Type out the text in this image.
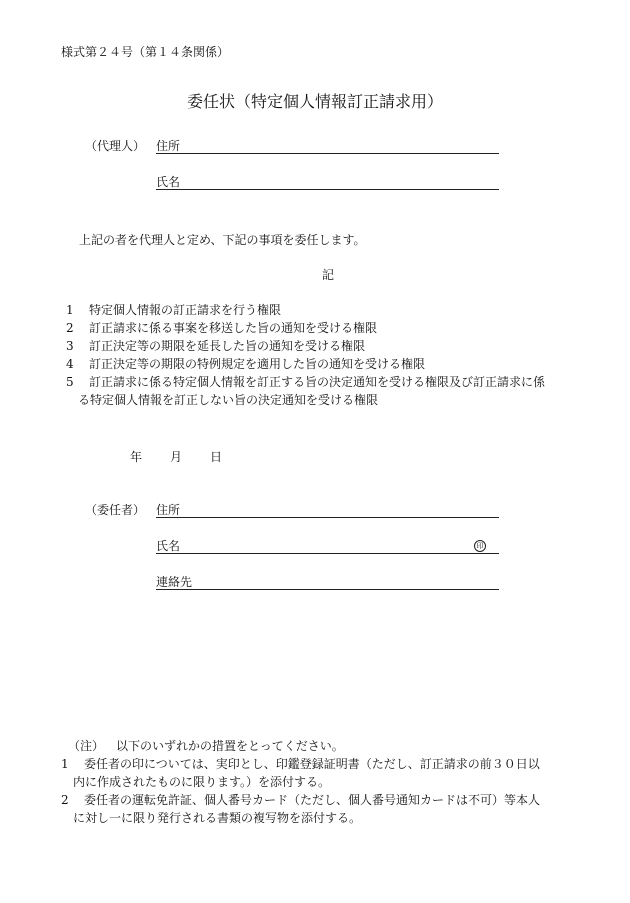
様式第２４号（第１４条関係）
委任状（特定個人情報訂正請求用）
（代理人） 住所
氏名
上記の者を代理人と定め、下記の事項を委任します。
記
1 特定個人情報の訂正請求を行う権限
2 訂正請求に係る事案を移送した旨の通知を受ける権限
3 訂正決定等の期限を延長した旨の通知を受ける権限
4 訂正決定等の期限の特例規定を適用した旨の通知を受ける権限
5 訂正請求に係る特定個人情報を訂正する旨の決定通知を受ける権限及び訂正請求に係
る特定個人情報を訂正しない旨の決定通知を受ける権限
年 月 日
（委任者） 住所
氏名	印
連絡先
（注） 以下のいずれかの措置をとってください。
1 委任者の印については、実印とし、印鑑登録証明書（ただし、訂正請求の前３０日以
内に作成されたものに限ります。）を添付する。
2 委任者の運転免許証、個人番号カード（ただし、個人番号通知カードは不可）等本人
に対し一に限り発行される書類の複写物を添付する。
